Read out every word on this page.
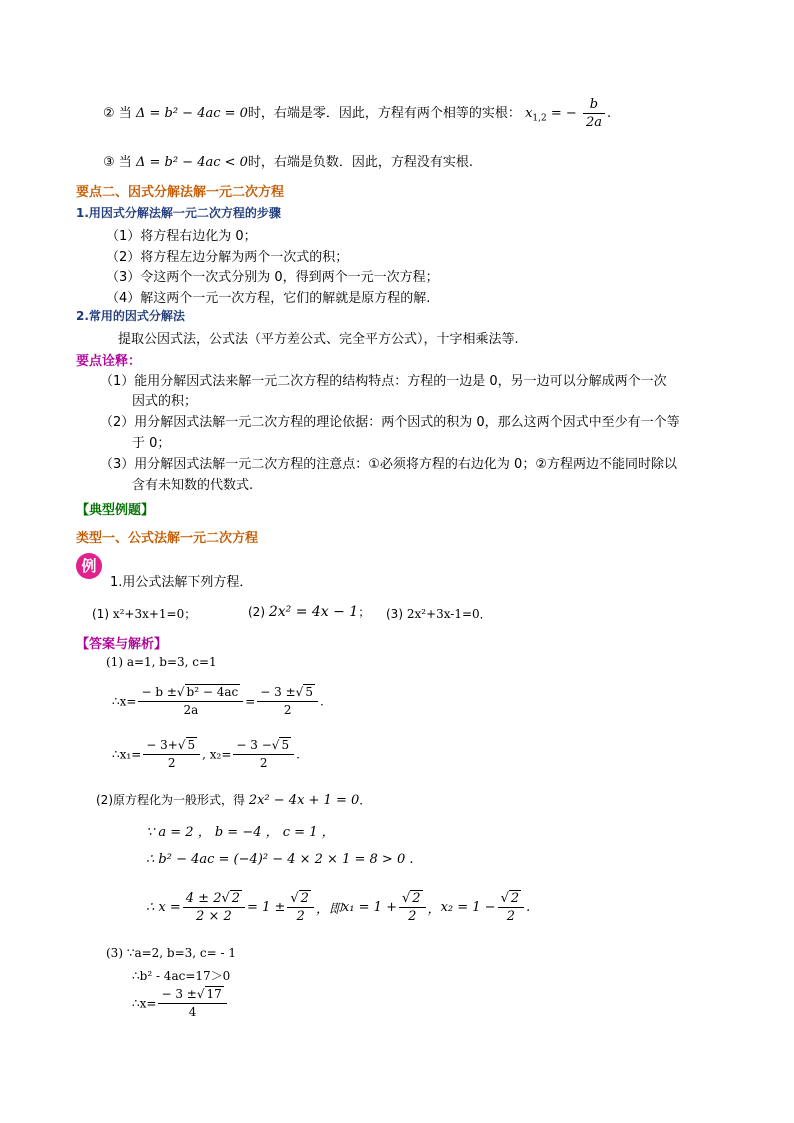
② 当 Δ = b² − 4ac = 0时，右端是零．因此，方程有两个相等的实根： $x_{1,2}$ = − $\frac{b}{2a}$ .
③ 当 Δ = b² − 4ac < 0时，右端是负数．因此，方程没有实根.
要点二、因式分解法解一元二次方程
1.用因式分解法解一元二次方程的步骤
（1）将方程右边化为 0；
（2）将方程左边分解为两个一次式的积；
（3）令这两个一次式分别为 0，得到两个一元一次方程；
（4）解这两个一元一次方程，它们的解就是原方程的解.
2.常用的因式分解法
提取公因式法，公式法（平方差公式、完全平方公式），十字相乘法等.
要点诠释：
（1）能用分解因式法来解一元二次方程的结构特点：方程的一边是 0，另一边可以分解成两个一次
因式的积；
（2）用分解因式法解一元二次方程的理论依据：两个因式的积为 0，那么这两个因式中至少有一个等
于 0；
（3）用分解因式法解一元二次方程的注意点：①必须将方程的右边化为 0；②方程两边不能同时除以
含有未知数的代数式.
【典型例题】
类型一、公式法解一元二次方程
例
1.用公式法解下列方程．
(1) x²+3x+1=0；	(2) 2x² = 4x − 1； (3) 2x²+3x-1=0．
【答案与解析】
(1) a=1, b=3, c=1
∴x= $\frac{\text{− b ±√ b² − 4ac}}{2a} = \frac{- 3 \pm√ 5}{2}$ .
∴x₁= $\frac{- 3+√ 5}{2}$ , $x_2= \frac{- 3 -√ 5}{2}$ .
(2)原方程化为一般形式，得 2x² − 4x + 1 = 0．
∵ a = 2 ， b = −4 ， c = 1 ，
∴ b² − 4ac = (−4)² − 4 × 2 × 1 = 8 > 0 .
∴ $x = \frac{4 \pm 2√ 2}{2 \times 2} = 1 \pm \frac{√ 2}{2}$ ，即$x_1 = 1 + \frac{√ 2}{2}$ ，$x_2 = 1 - \frac{√ 2}{2}$ .
(3) ∵a=2, b=3, c= - 1
∴b² - 4ac=17＞0
∴x= $\frac{- 3 \pm√ 17}{4}$
